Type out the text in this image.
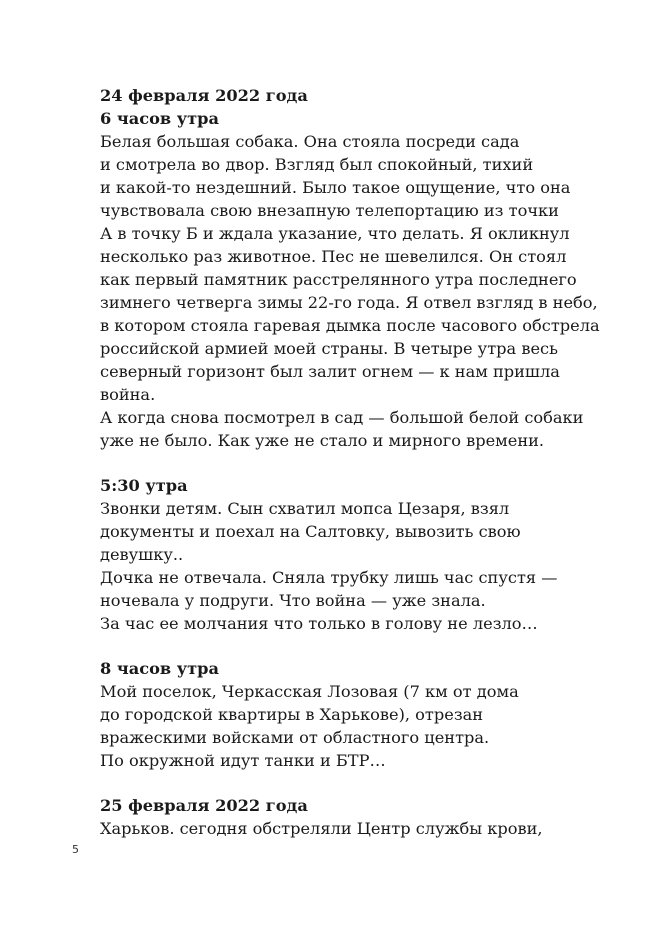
24 февраля 2022 года
6 часов утра
Белая большая собака. Она стояла посреди сада
и смотрела во двор. Взгляд был спокойный, тихий
и какой-то нездешний. Было такое ощущение, что она
чувствовала свою внезапную телепортацию из точки
А в точку Б и ждала указание, что делать. Я окликнул
несколько раз животное. Пес не шевелился. Он стоял
как первый памятник расстрелянного утра последнего
зимнего четверга зимы 22-го года. Я отвел взгляд в небо,
в котором стояла гаревая дымка после часового обстрела
российской армией моей страны. В четыре утра весь
северный горизонт был залит огнем — к нам пришла
война.
А когда снова посмотрел в сад — большой белой собаки
уже не было. Как уже не стало и мирного времени.
5:30 утра
Звонки детям. Сын схватил мопса Цезаря, взял
документы и поехал на Салтовку, вывозить свою
девушку..
Дочка не отвечала. Сняла трубку лишь час спустя —
ночевала у подруги. Что война — уже знала.
За час ее молчания что только в голову не лезло…
8 часов утра
Мой поселок, Черкасская Лозовая (7 км от дома
до городской квартиры в Харькове), отрезан
вражескими войсками от областного центра.
По окружной идут танки и БТР…
25 февраля 2022 года
Харьков. сегодня обстреляли Центр службы крови,
5
